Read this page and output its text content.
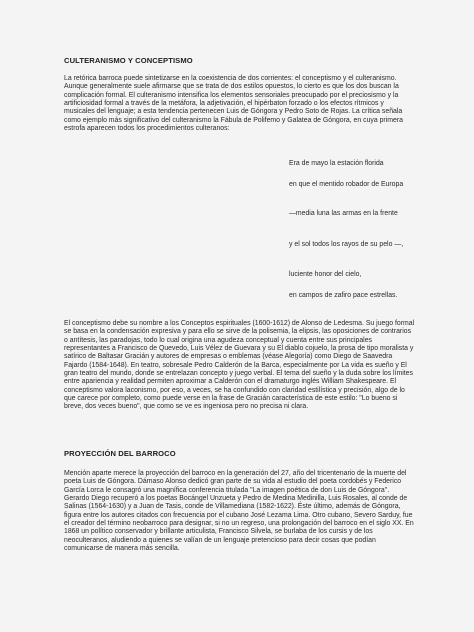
CULTERANISMO Y CONCEPTISMO

La retórica barroca puede sintetizarse en la coexistencia de dos corrientes: el conceptismo y el culteranismo. Aunque generalmente suele afirmarse que se trata de dos estilos opuestos, lo cierto es que los dos buscan la complicación formal. El culteranismo intensifica los elementos sensoriales preocupado por el preciosismo y la artificiosidad formal a través de la metáfora, la adjetivación, el hipérbaton forzado o los efectos rítmicos y musicales del lenguaje; a esta tendencia pertenecen Luis de Góngora y Pedro Soto de Rojas. La crítica señala como ejemplo más significativo del culteranismo la Fábula de Polifemo y Galatea de Góngora, en cuya primera estrofa aparecen todos los procedimientos culteranos:

Era de mayo la estación florida
en que el mentido robador de Europa
—media luna las armas en la frente
y el sol todos los rayos de su pelo —,
luciente honor del cielo,
en campos de zafiro pace estrellas.

El conceptismo debe su nombre a los Conceptos espirituales (1600-1612) de Alonso de Ledesma. Su juego formal se basa en la condensación expresiva y para ello se sirve de la polisemia, la elipsis, las oposiciones de contrarios o antítesis, las paradojas, todo lo cual origina una agudeza conceptual y cuenta entre sus principales representantes a Francisco de Quevedo, Luis Vélez de Guevara y su El diablo cojuelo, la prosa de tipo moralista y satírico de Baltasar Gracián y autores de empresas o emblemas (véase Alegoría) como Diego de Saavedra Fajardo (1584-1648). En teatro, sobresale Pedro Calderón de la Barca, especialmente por La vida es sueño y El gran teatro del mundo, donde se entrelazan concepto y juego verbal. El tema del sueño y la duda sobre los límites entre apariencia y realidad permiten aproximar a Calderón con el dramaturgo inglés William Shakespeare. El conceptismo valora laconismo, por eso, a veces, se ha confundido con claridad estilística y precisión, algo de lo que carece por completo, como puede verse en la frase de Gracián característica de este estilo: "Lo bueno si breve, dos veces bueno", que como se ve es ingeniosa pero no precisa ni clara.

PROYECCIÓN DEL BARROCO

Mención aparte merece la proyección del barroco en la generación del 27, año del tricentenario de la muerte del poeta Luis de Góngora. Dámaso Alonso dedicó gran parte de su vida al estudio del poeta cordobés y Federico García Lorca le consagró una magnífica conferencia titulada "La imagen poética de don Luis de Góngora". Gerardo Diego recuperó a los poetas Bocángel Unzueta y Pedro de Medina Medinilla, Luis Rosales, al conde de Salinas (1564-1630) y a Juan de Tasis, conde de Villamediana (1582-1622). Éste último, además de Góngora, figura entre los autores citados con frecuencia por el cubano José Lezama Lima. Otro cubano, Severo Sarduy, fue el creador del término neobarroco para designar, si no un regreso, una prolongación del barroco en el siglo XX. En 1868 un político conservador y brillante articulista, Francisco Silvela, se burlaba de los cursis y de los neoculteranos, aludiendo a quienes se valían de un lenguaje pretencioso para decir cosas que podían comunicarse de manera más sencilla.
